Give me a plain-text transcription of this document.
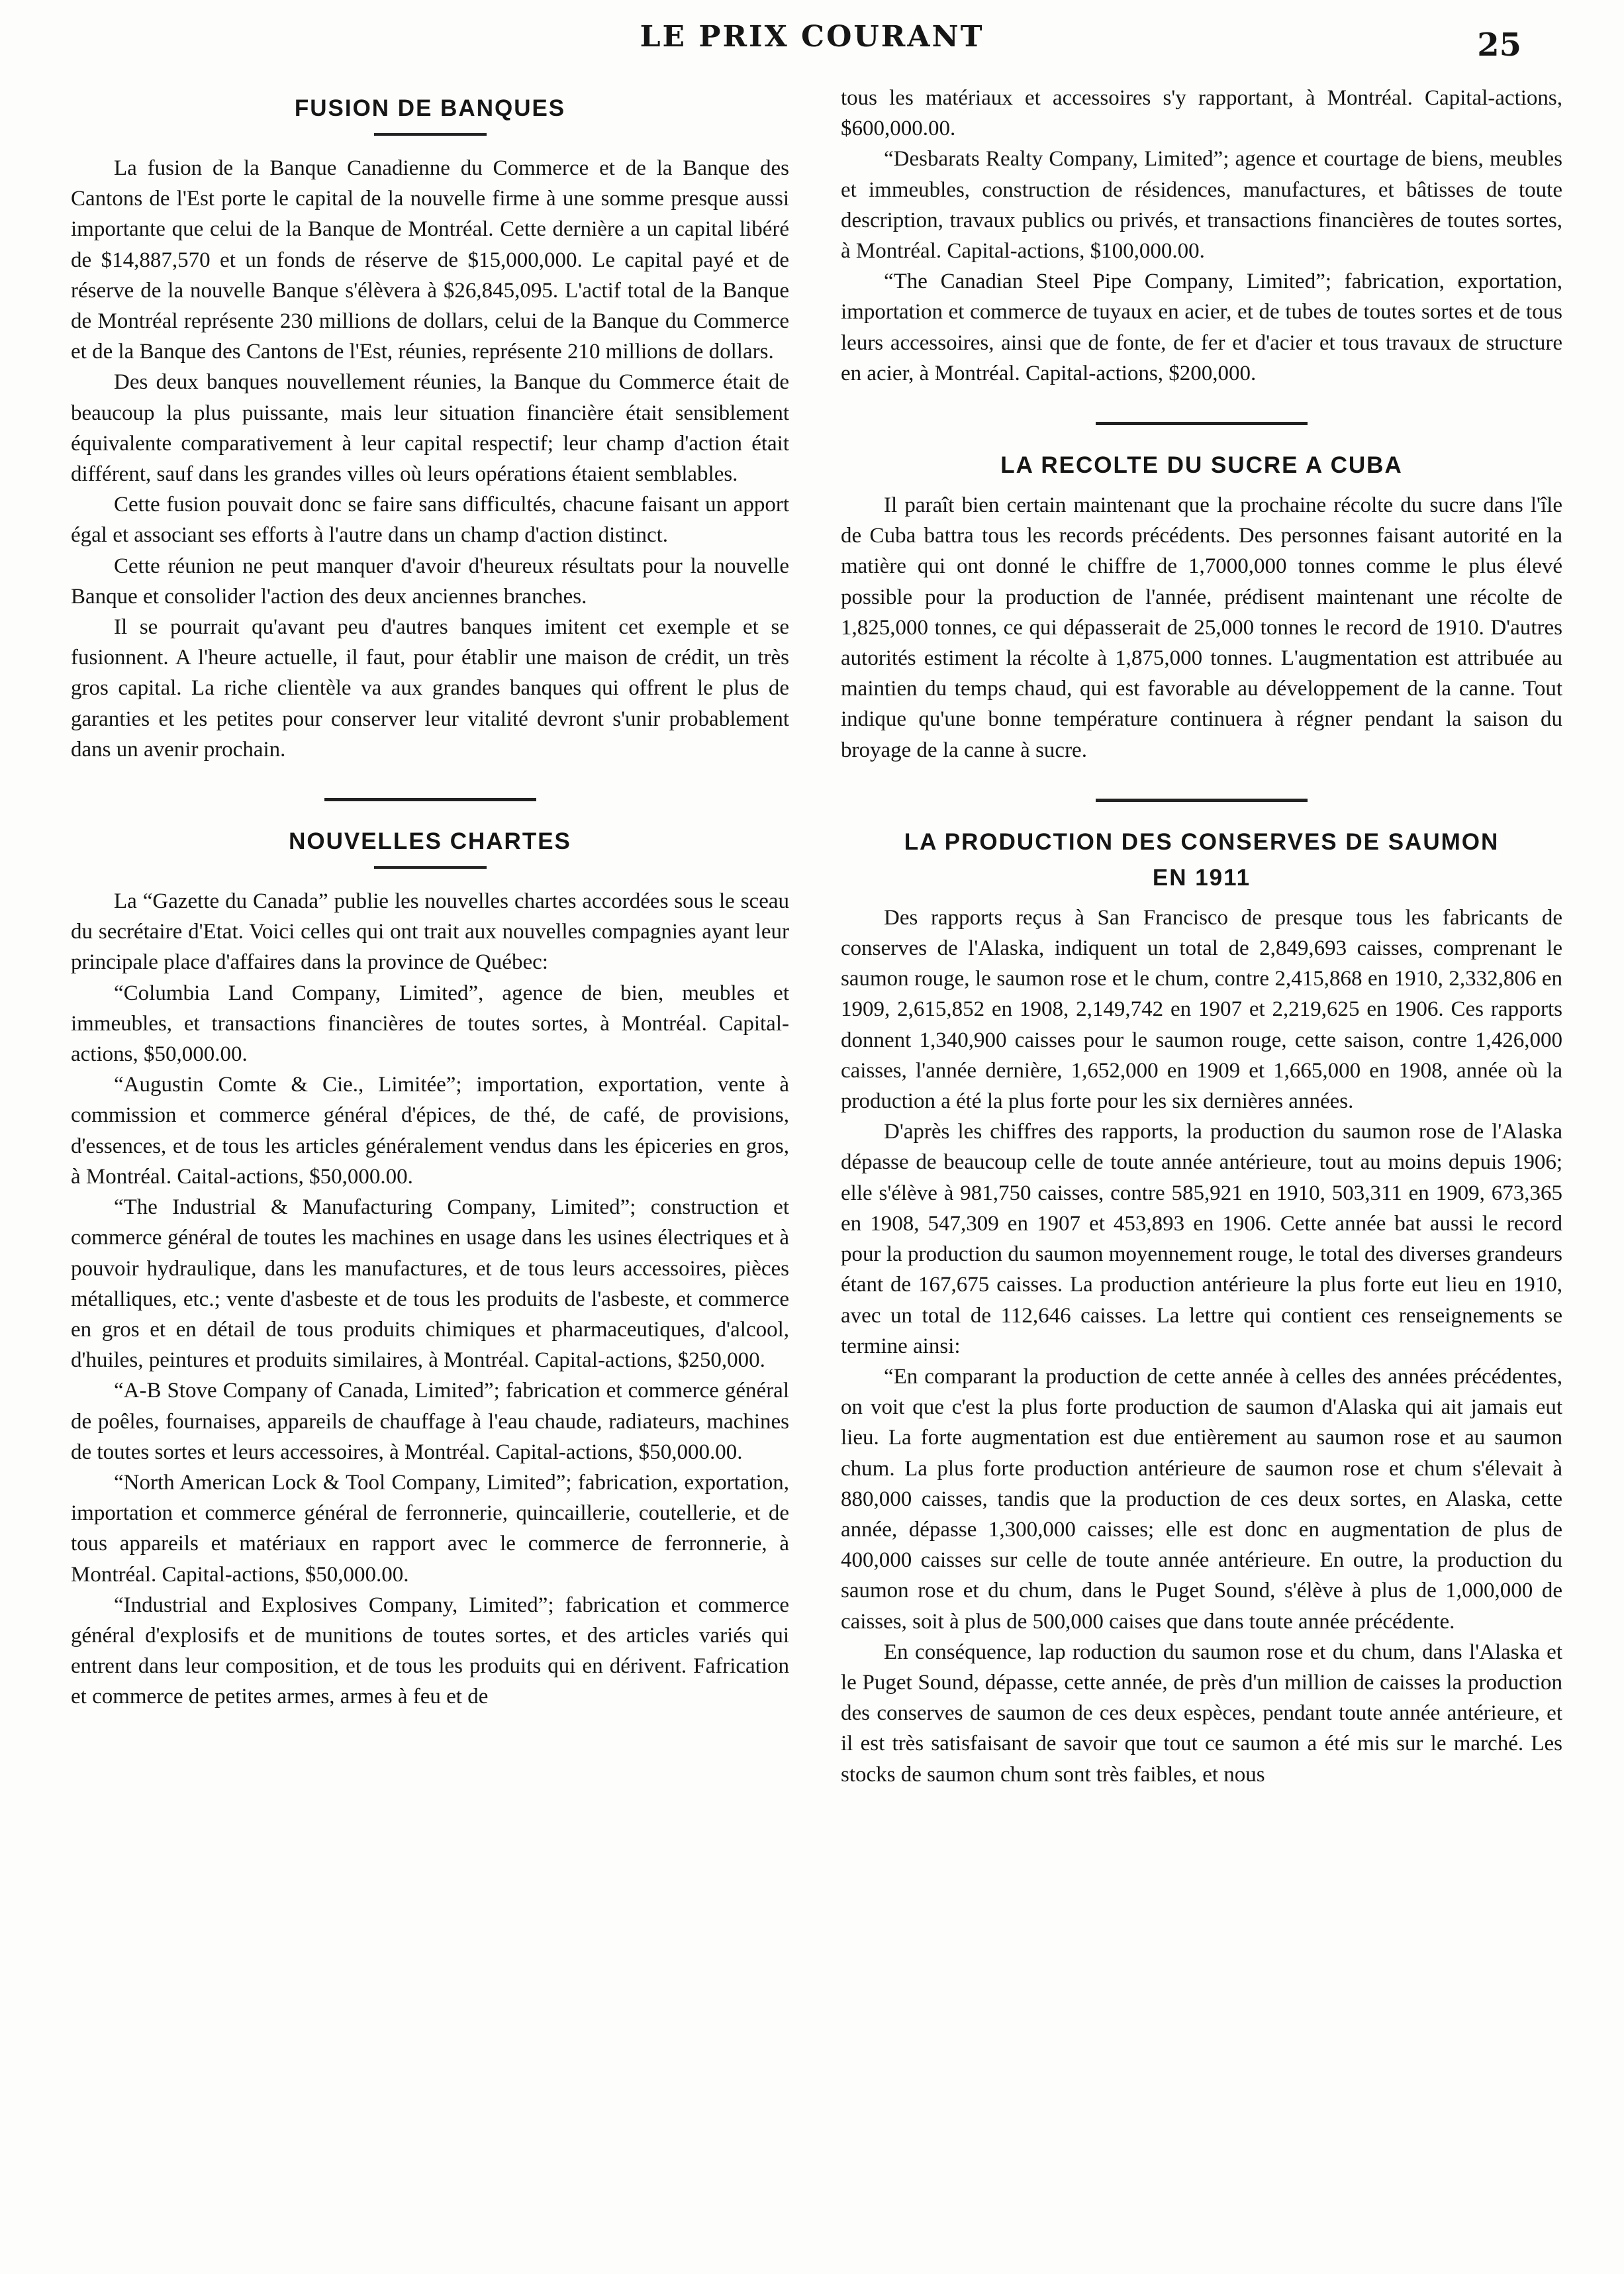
LE PRIX COURANT	25
FUSION DE BANQUES

La fusion de la Banque Canadienne du Commerce et de la Banque des Cantons de l'Est porte le capital de la nouvelle firme à une somme presque aussi importante que celui de la Banque de Montréal. Cette dernière a un capital libéré de $14,887,570 et un fonds de réserve de $15,000,000. Le capital payé et de réserve de la nouvelle Banque s'élèvera à $26,845,095. L'actif total de la Banque de Montréal représente 230 millions de dollars, celui de la Banque du Commerce et de la Banque des Cantons de l'Est, réunies, représente 210 millions de dollars.

Des deux banques nouvellement réunies, la Banque du Commerce était de beaucoup la plus puissante, mais leur situation financière était sensiblement équivalente comparativement à leur capital respectif; leur champ d'action était différent, sauf dans les grandes villes où leurs opérations étaient semblables.

Cette fusion pouvait donc se faire sans difficultés, chacune faisant un apport égal et associant ses efforts à l'autre dans un champ d'action distinct.

Cette réunion ne peut manquer d'avoir d'heureux résultats pour la nouvelle Banque et consolider l'action des deux anciennes branches.

Il se pourrait qu'avant peu d'autres banques imitent cet exemple et se fusionnent. A l'heure actuelle, il faut, pour établir une maison de crédit, un très gros capital. La riche clientèle va aux grandes banques qui offrent le plus de garanties et les petites pour conserver leur vitalité devront s'unir probablement dans un avenir prochain.

NOUVELLES CHARTES

La “Gazette du Canada” publie les nouvelles chartes accordées sous le sceau du secrétaire d'Etat. Voici celles qui ont trait aux nouvelles compagnies ayant leur principale place d'affaires dans la province de Québec:

“Columbia Land Company, Limited”, agence de bien, meubles et immeubles, et transactions financières de toutes sortes, à Montréal. Capital-actions, $50,000.00.

“Augustin Comte & Cie., Limitée”; importation, exportation, vente à commission et commerce général d'épices, de thé, de café, de provisions, d'essences, et de tous les articles généralement vendus dans les épiceries en gros, à Montréal. Caital-actions, $50,000.00.

“The Industrial & Manufacturing Company, Limited”; construction et commerce général de toutes les machines en usage dans les usines électriques et à pouvoir hydraulique, dans les manufactures, et de tous leurs accessoires, pièces métalliques, etc.; vente d'asbeste et de tous les produits de l'asbeste, et commerce en gros et en détail de tous produits chimiques et pharmaceutiques, d'alcool, d'huiles, peintures et produits similaires, à Montréal. Capital-actions, $250,000.

“A-B Stove Company of Canada, Limited”; fabrication et commerce général de poêles, fournaises, appareils de chauffage à l'eau chaude, radiateurs, machines de toutes sortes et leurs accessoires, à Montréal. Capital-actions, $50,000.00.

“North American Lock & Tool Company, Limited”; fabrication, exportation, importation et commerce général de ferronnerie, quincaillerie, coutellerie, et de tous appareils et matériaux en rapport avec le commerce de ferronnerie, à Montréal. Capital-actions, $50,000.00.

“Industrial and Explosives Company, Limited”; fabrication et commerce général d'explosifs et de munitions de toutes sortes, et des articles variés qui entrent dans leur composition, et de tous les produits qui en dérivent. Fafrication et commerce de petites armes, armes à feu et de

tous les matériaux et accessoires s'y rapportant, à Montréal. Capital-actions, $600,000.00.

“Desbarats Realty Company, Limited”; agence et courtage de biens, meubles et immeubles, construction de résidences, manufactures, et bâtisses de toute description, travaux publics ou privés, et transactions financières de toutes sortes, à Montréal. Capital-actions, $100,000.00.

“The Canadian Steel Pipe Company, Limited”; fabrication, exportation, importation et commerce de tuyaux en acier, et de tubes de toutes sortes et de tous leurs accessoires, ainsi que de fonte, de fer et d'acier et tous travaux de structure en acier, à Montréal. Capital-actions, $200,000.

LA RECOLTE DU SUCRE A CUBA

Il paraît bien certain maintenant que la prochaine récolte du sucre dans l'île de Cuba battra tous les records précédents. Des personnes faisant autorité en la matière qui ont donné le chiffre de 1,7000,000 tonnes comme le plus élevé possible pour la production de l'année, prédisent maintenant une récolte de 1,825,000 tonnes, ce qui dépasserait de 25,000 tonnes le record de 1910. D'autres autorités estiment la récolte à 1,875,000 tonnes. L'augmentation est attribuée au maintien du temps chaud, qui est favorable au développement de la canne. Tout indique qu'une bonne température continuera à régner pendant la saison du broyage de la canne à sucre.

LA PRODUCTION DES CONSERVES DE SAUMON
EN 1911

Des rapports reçus à San Francisco de presque tous les fabricants de conserves de l'Alaska, indiquent un total de 2,849,693 caisses, comprenant le saumon rouge, le saumon rose et le chum, contre 2,415,868 en 1910, 2,332,806 en 1909, 2,615,852 en 1908, 2,149,742 en 1907 et 2,219,625 en 1906. Ces rapports donnent 1,340,900 caisses pour le saumon rouge, cette saison, contre 1,426,000 caisses, l'année dernière, 1,652,000 en 1909 et 1,665,000 en 1908, année où la production a été la plus forte pour les six dernières années.

D'après les chiffres des rapports, la production du saumon rose de l'Alaska dépasse de beaucoup celle de toute année antérieure, tout au moins depuis 1906; elle s'élève à 981,750 caisses, contre 585,921 en 1910, 503,311 en 1909, 673,365 en 1908, 547,309 en 1907 et 453,893 en 1906. Cette année bat aussi le record pour la production du saumon moyennement rouge, le total des diverses grandeurs étant de 167,675 caisses. La production antérieure la plus forte eut lieu en 1910, avec un total de 112,646 caisses. La lettre qui contient ces renseignements se termine ainsi:

“En comparant la production de cette année à celles des années précédentes, on voit que c'est la plus forte production de saumon d'Alaska qui ait jamais eut lieu. La forte augmentation est due entièrement au saumon rose et au saumon chum. La plus forte production antérieure de saumon rose et chum s'élevait à 880,000 caisses, tandis que la production de ces deux sortes, en Alaska, cette année, dépasse 1,300,000 caisses; elle est donc en augmentation de plus de 400,000 caisses sur celle de toute année antérieure. En outre, la production du saumon rose et du chum, dans le Puget Sound, s'élève à plus de 1,000,000 de caisses, soit à plus de 500,000 caises que dans toute année précédente.

En conséquence, lap roduction du saumon rose et du chum, dans l'Alaska et le Puget Sound, dépasse, cette année, de près d'un million de caisses la production des conserves de saumon de ces deux espèces, pendant toute année antérieure, et il est très satisfaisant de savoir que tout ce saumon a été mis sur le marché. Les stocks de saumon chum sont très faibles, et nous
